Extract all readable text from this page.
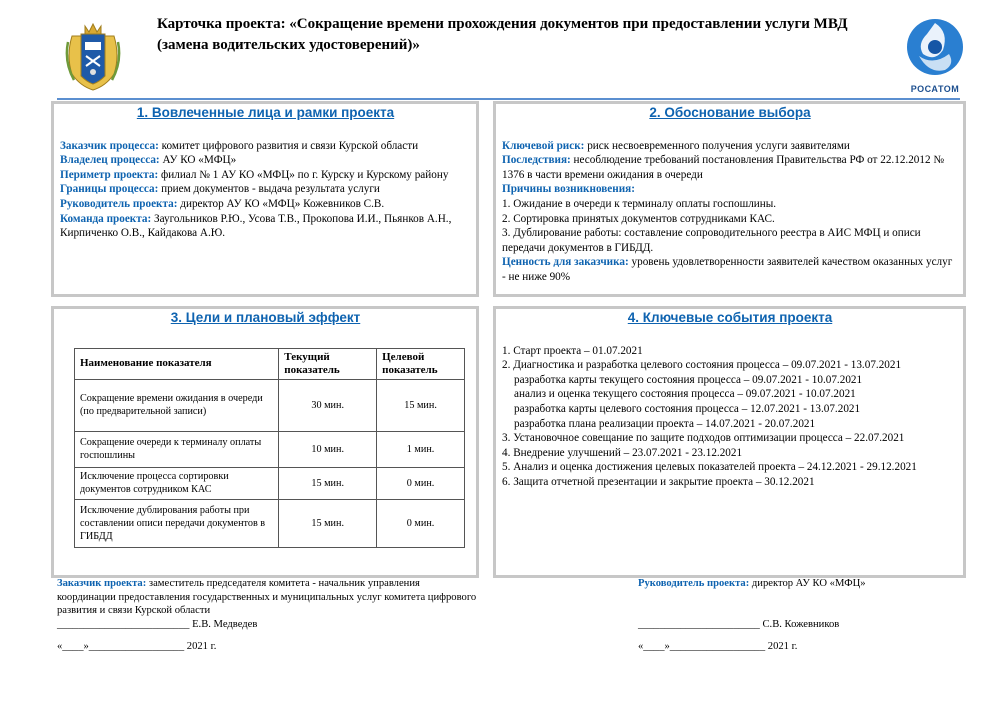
Карточка проекта: «Сокращение времени прохождения документов при предоставлении услуги МВД (замена водительских удостоверений)»
РОСАТОМ
1. Вовлеченные лица и рамки проекта
Заказчик процесса: комитет цифрового развития и связи Курской области
Владелец процесса: АУ КО «МФЦ»
Периметр проекта: филиал № 1 АУ КО «МФЦ» по г. Курску и Курскому району
Границы процесса: прием документов - выдача результата услуги
Руководитель проекта: директор АУ КО «МФЦ» Кожевников С.В.
Команда проекта: Заугольников Р.Ю., Усова Т.В., Прокопова И.И., Пьянков А.Н., Кирпиченко О.В., Кайдакова А.Ю.
2. Обоснование выбора
Ключевой риск: риск несвоевременного получения услуги заявителями
Последствия: несоблюдение требований постановления Правительства РФ от 22.12.2012 № 1376 в части времени ожидания в очереди
Причины возникновения:
1. Ожидание в очереди к терминалу оплаты госпошлины.
2. Сортировка принятых документов сотрудниками КАС.
3. Дублирование работы: составление сопроводительного реестра в АИС МФЦ и описи передачи документов в ГИБДД.
Ценность для заказчика: уровень удовлетворенности заявителей качеством оказанных услуг - не ниже 90%
3. Цели и плановый эффект
Наименование показателя	Текущий показатель	Целевой показатель
Сокращение времени ожидания в очереди (по предварительной записи)	30 мин.	15 мин.
Сокращение очереди к терминалу оплаты госпошлины	10 мин.	1 мин.
Исключение процесса сортировки документов сотрудником КАС	15 мин.	0 мин.
Исключение дублирования работы при составлении описи передачи документов в ГИБДД	15 мин.	0 мин.
4. Ключевые события проекта
1. Старт проекта – 01.07.2021
2. Диагностика и разработка целевого состояния процесса – 09.07.2021 - 13.07.2021
разработка карты текущего состояния процесса – 09.07.2021 - 10.07.2021
анализ и оценка текущего состояния процесса – 09.07.2021 - 10.07.2021
разработка карты целевого состояния процесса – 12.07.2021 - 13.07.2021
разработка плана реализации проекта – 14.07.2021 - 20.07.2021
3. Установочное совещание по защите подходов оптимизации процесса – 22.07.2021
4. Внедрение улучшений – 23.07.2021 - 23.12.2021
5. Анализ и оценка достижения целевых показателей проекта – 24.12.2021 - 29.12.2021
6. Защита отчетной презентации и закрытие проекта – 30.12.2021
Заказчик проекта: заместитель председателя комитета - начальник управления координации предоставления государственных и муниципальных услуг комитета цифрового развития и связи Курской области
_________________________ Е.В. Медведев
«____»__________________ 2021 г.
Руководитель проекта: директор АУ КО «МФЦ»
_______________________ С.В. Кожевников
«____»__________________ 2021 г.
